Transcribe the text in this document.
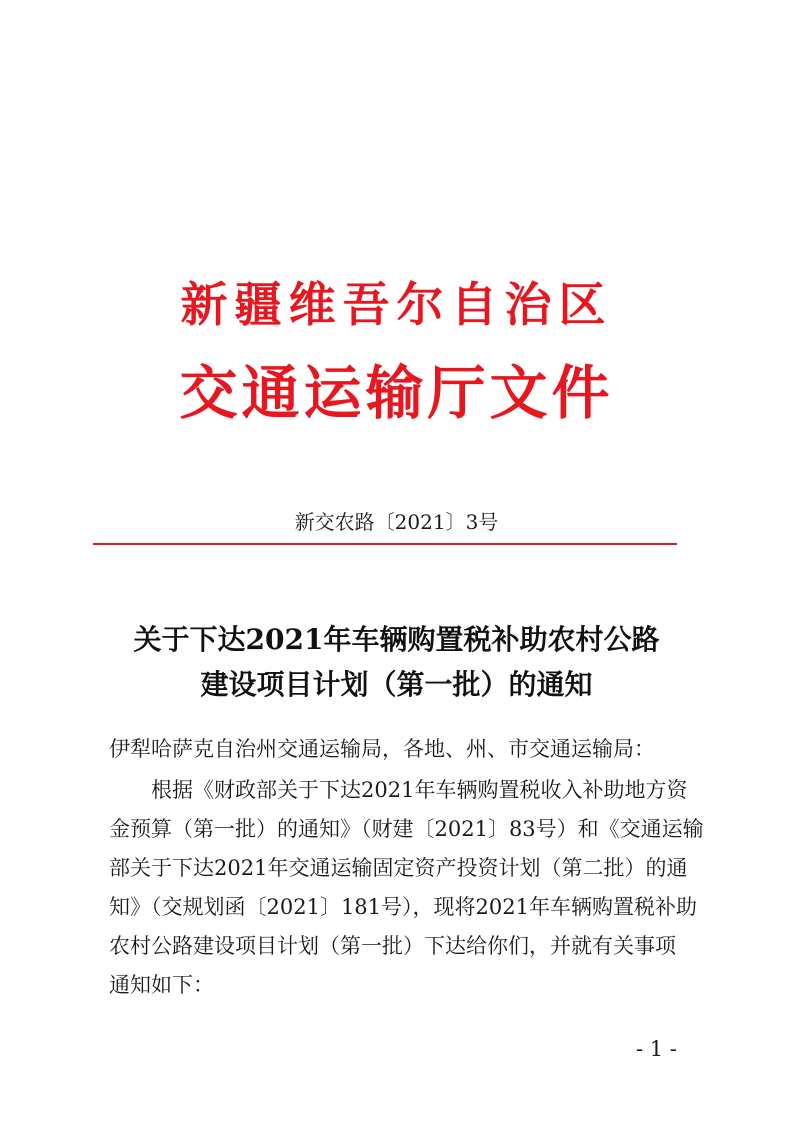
新疆维吾尔自治区
交通运输厅文件
新交农路〔2021〕3号
关于下达2021年车辆购置税补助农村公路
建设项目计划（第一批）的通知
伊犁哈萨克自治州交通运输局，各地、州、市交通运输局：
根据《财政部关于下达2021年车辆购置税收入补助地方资
金预算（第一批）的通知》（财建〔2021〕83号）和《交通运输
部关于下达2021年交通运输固定资产投资计划（第二批）的通
知》（交规划函〔2021〕181号），现将2021年车辆购置税补助
农村公路建设项目计划（第一批）下达给你们，并就有关事项
通知如下：
- 1 -
